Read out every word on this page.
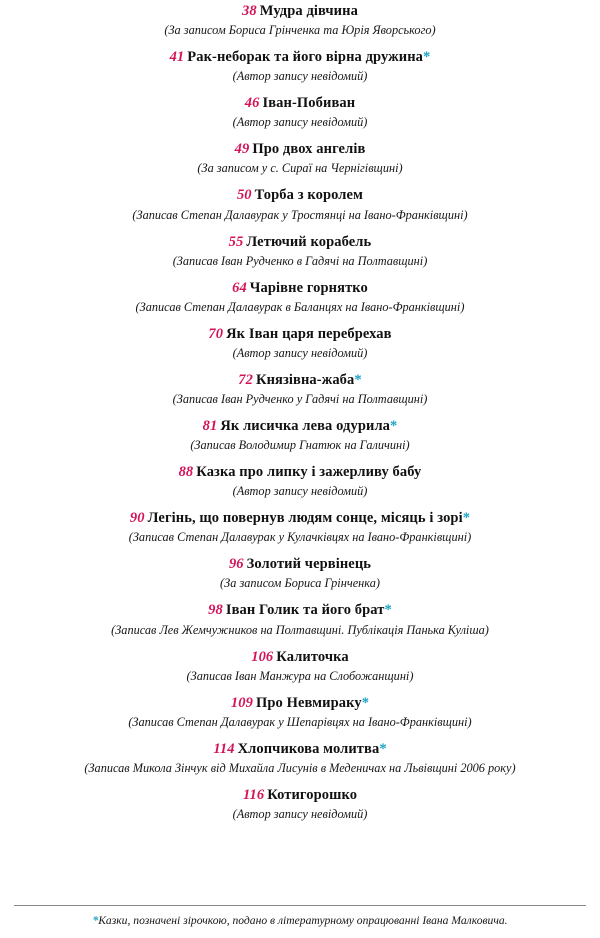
38 Мудра дівчина
(За записом Бориса Грінченка та Юрія Яворського)
41 Рак-неборак та його вірна дружина*
(Автор запису невідомий)
46 Іван-Побиван
(Автор запису невідомий)
49 Про двох ангелів
(За записом у с. Сираї на Чернігівщині)
50 Торба з королем
(Записав Степан Далавурак у Тростянці на Івано-Франківщині)
55 Летючий корабель
(Записав Іван Рудченко в Гадячі на Полтавщині)
64 Чарівне горнятко
(Записав Степан Далавурак в Баланцях на Івано-Франківщині)
70 Як Іван царя перебрехав
(Автор запису невідомий)
72 Князівна-жаба*
(Записав Іван Рудченко у Гадячі на Полтавщині)
81 Як лисичка лева одурила*
(Записав Володимир Гнатюк на Галичині)
88 Казка про липку і зажерливу бабу
(Автор запису невідомий)
90 Легінь, що повернув людям сонце, місяць і зорі*
(Записав Степан Далавурак у Кулачківцях на Івано-Франківщині)
96 Золотий червінець
(За записом Бориса Грінченка)
98 Іван Голик та його брат*
(Записав Лев Жемчужников на Полтавщині. Публікація Панька Куліша)
106 Калиточка
(Записав Іван Манжура на Слобожанщині)
109 Про Невмираку*
(Записав Степан Далавурак у Шепарівцях на Івано-Франківщині)
114 Хлопчикова молитва*
(Записав Микола Зінчук від Михайла Лисунів в Меденичах на Львівщині 2006 року)
116 Котигорошко
(Автор запису невідомий)
*Казки, позначені зірочкою, подано в літературному опрацюванні Івана Малковича.
